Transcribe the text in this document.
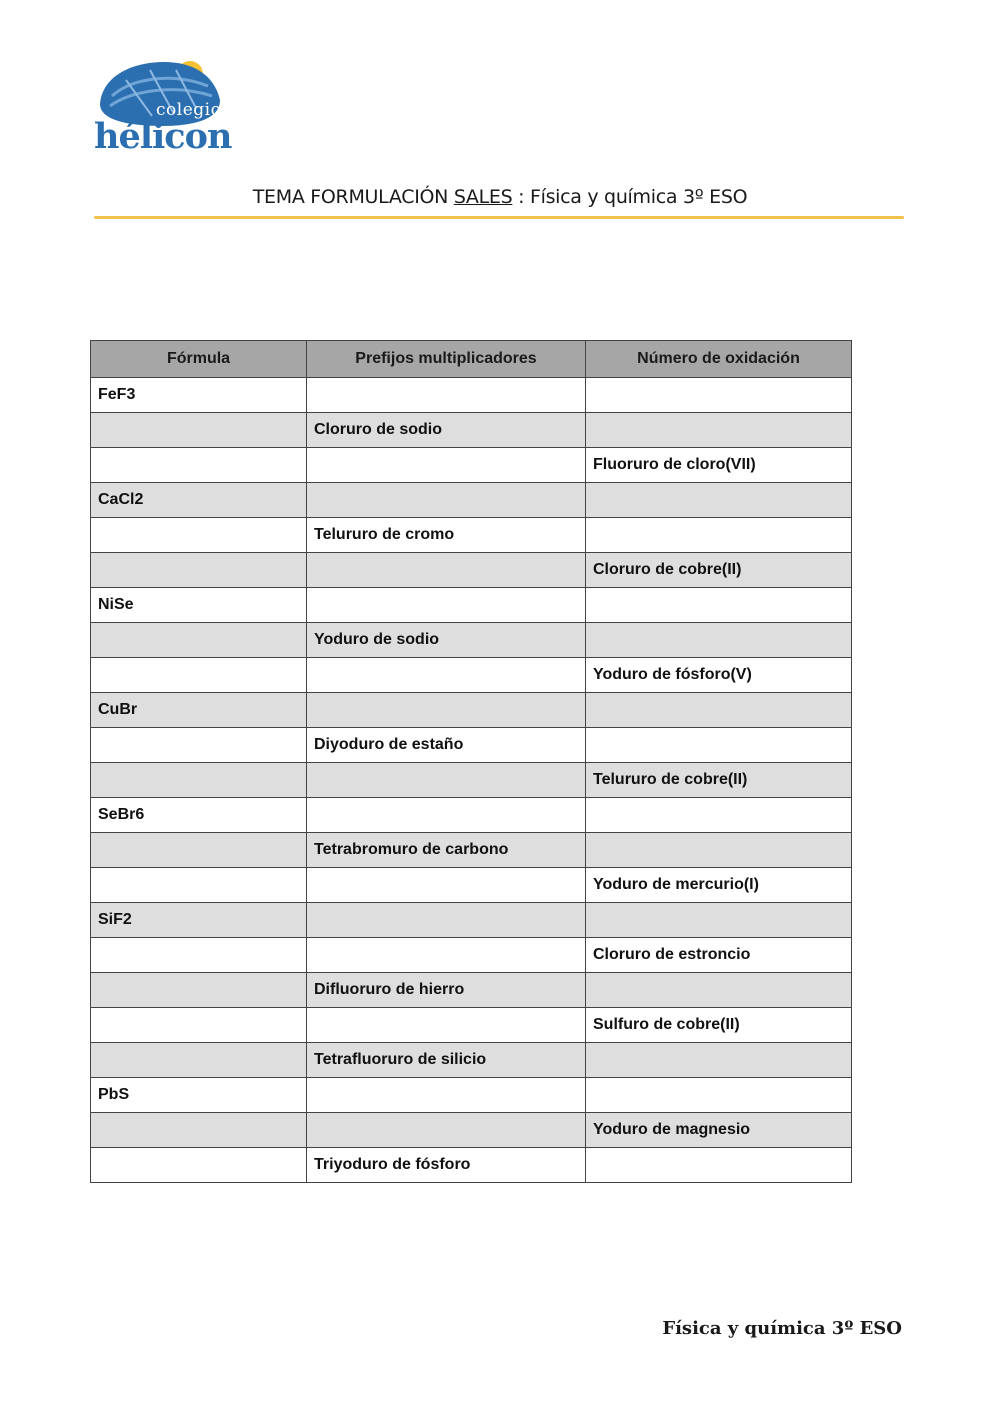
colegio
hélicon
TEMA FORMULACIÓN SALES : Física y química 3º ESO
Fórmula	Prefijos multiplicadores	Número de oxidación
FeF3		
	Cloruro de sodio	
		Fluoruro de cloro(VII)
CaCl2		
	Telururo de cromo	
		Cloruro de cobre(II)
NiSe		
	Yoduro de sodio	
		Yoduro de fósforo(V)
CuBr		
	Diyoduro de estaño	
		Telururo de cobre(II)
SeBr6		
	Tetrabromuro de carbono	
		Yoduro de mercurio(I)
SiF2		
		Cloruro de estroncio
	Difluoruro de hierro	
		Sulfuro de cobre(II)
	Tetrafluoruro de silicio	
PbS		
		Yoduro de magnesio
	Triyoduro de fósforo	
Física y química 3º ESO
